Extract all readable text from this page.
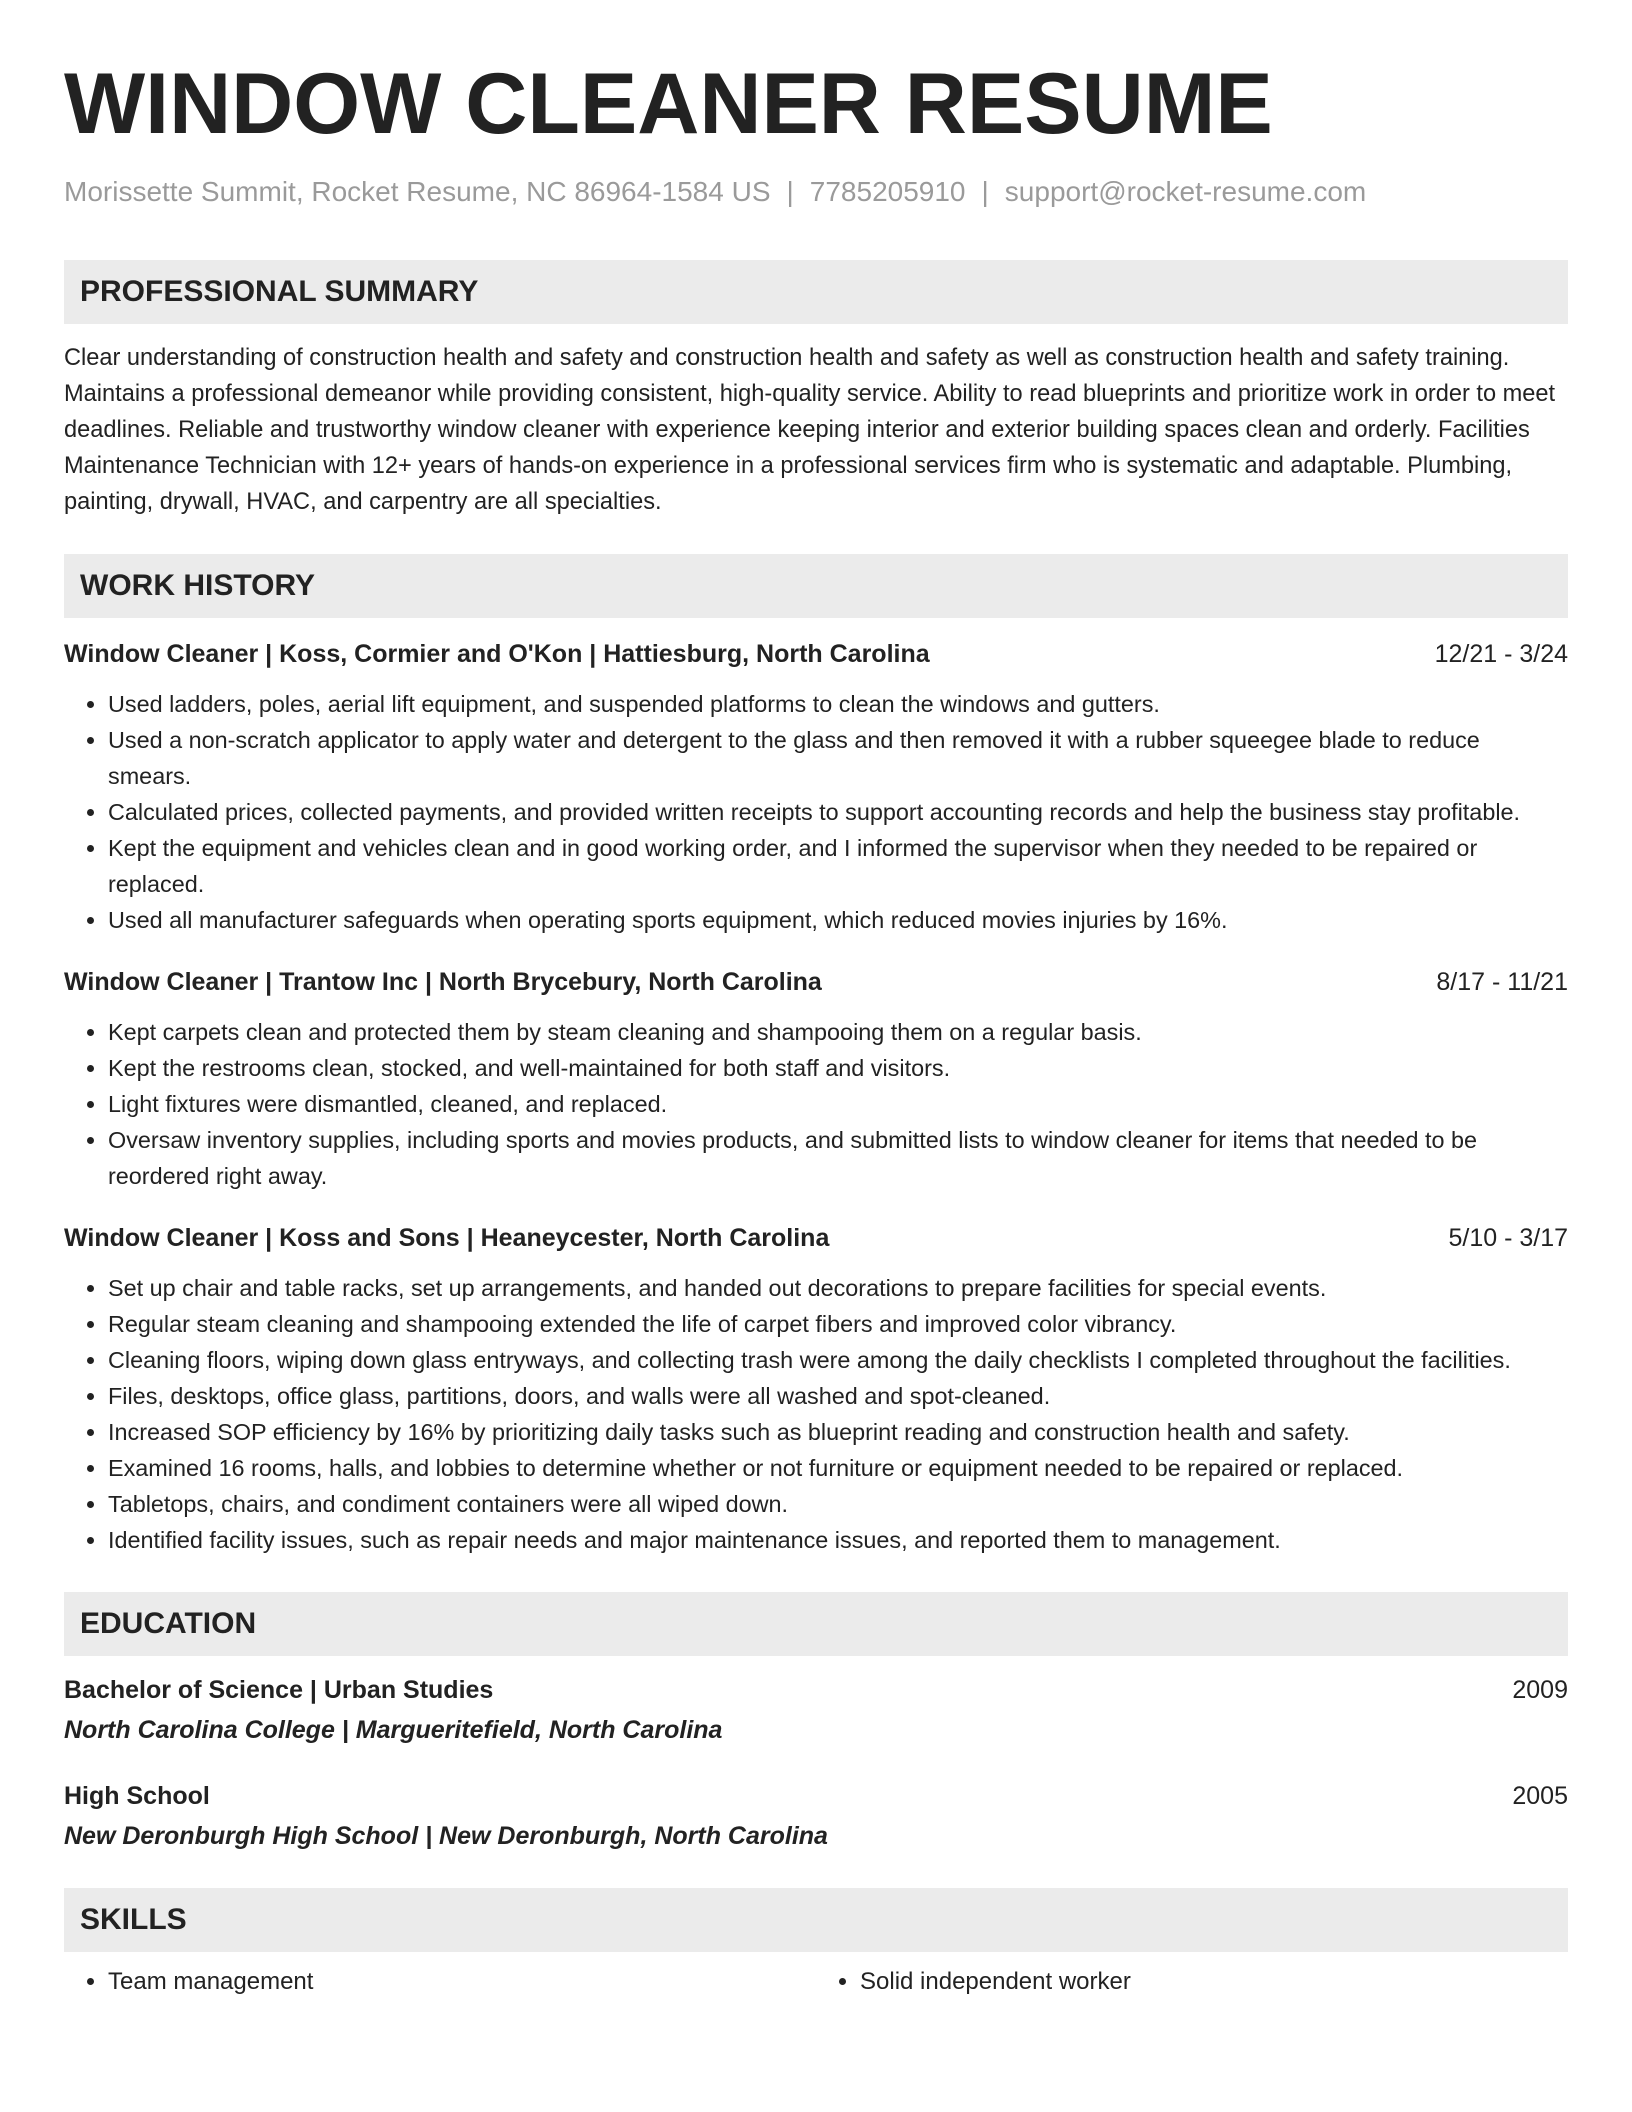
WINDOW CLEANER RESUME
Morissette Summit, Rocket Resume, NC 86964-1584 US | 7785205910 | support@rocket-resume.com
PROFESSIONAL SUMMARY
Clear understanding of construction health and safety and construction health and safety as well as construction health and safety training. Maintains a professional demeanor while providing consistent, high-quality service. Ability to read blueprints and prioritize work in order to meet deadlines. Reliable and trustworthy window cleaner with experience keeping interior and exterior building spaces clean and orderly. Facilities Maintenance Technician with 12+ years of hands-on experience in a professional services firm who is systematic and adaptable. Plumbing, painting, drywall, HVAC, and carpentry are all specialties.
WORK HISTORY
Window Cleaner | Koss, Cormier and O'Kon | Hattiesburg, North Carolina	12/21 - 3/24
• Used ladders, poles, aerial lift equipment, and suspended platforms to clean the windows and gutters.
• Used a non-scratch applicator to apply water and detergent to the glass and then removed it with a rubber squeegee blade to reduce smears.
• Calculated prices, collected payments, and provided written receipts to support accounting records and help the business stay profitable.
• Kept the equipment and vehicles clean and in good working order, and I informed the supervisor when they needed to be repaired or replaced.
• Used all manufacturer safeguards when operating sports equipment, which reduced movies injuries by 16%.
Window Cleaner | Trantow Inc | North Brycebury, North Carolina	8/17 - 11/21
• Kept carpets clean and protected them by steam cleaning and shampooing them on a regular basis.
• Kept the restrooms clean, stocked, and well-maintained for both staff and visitors.
• Light fixtures were dismantled, cleaned, and replaced.
• Oversaw inventory supplies, including sports and movies products, and submitted lists to window cleaner for items that needed to be reordered right away.
Window Cleaner | Koss and Sons | Heaneycester, North Carolina	5/10 - 3/17
• Set up chair and table racks, set up arrangements, and handed out decorations to prepare facilities for special events.
• Regular steam cleaning and shampooing extended the life of carpet fibers and improved color vibrancy.
• Cleaning floors, wiping down glass entryways, and collecting trash were among the daily checklists I completed throughout the facilities.
• Files, desktops, office glass, partitions, doors, and walls were all washed and spot-cleaned.
• Increased SOP efficiency by 16% by prioritizing daily tasks such as blueprint reading and construction health and safety.
• Examined 16 rooms, halls, and lobbies to determine whether or not furniture or equipment needed to be repaired or replaced.
• Tabletops, chairs, and condiment containers were all wiped down.
• Identified facility issues, such as repair needs and major maintenance issues, and reported them to management.
EDUCATION
Bachelor of Science | Urban Studies	2009
North Carolina College | Margueritefield, North Carolina
High School	2005
New Deronburgh High School | New Deronburgh, North Carolina
SKILLS
• Team management
•	Solid independent worker
